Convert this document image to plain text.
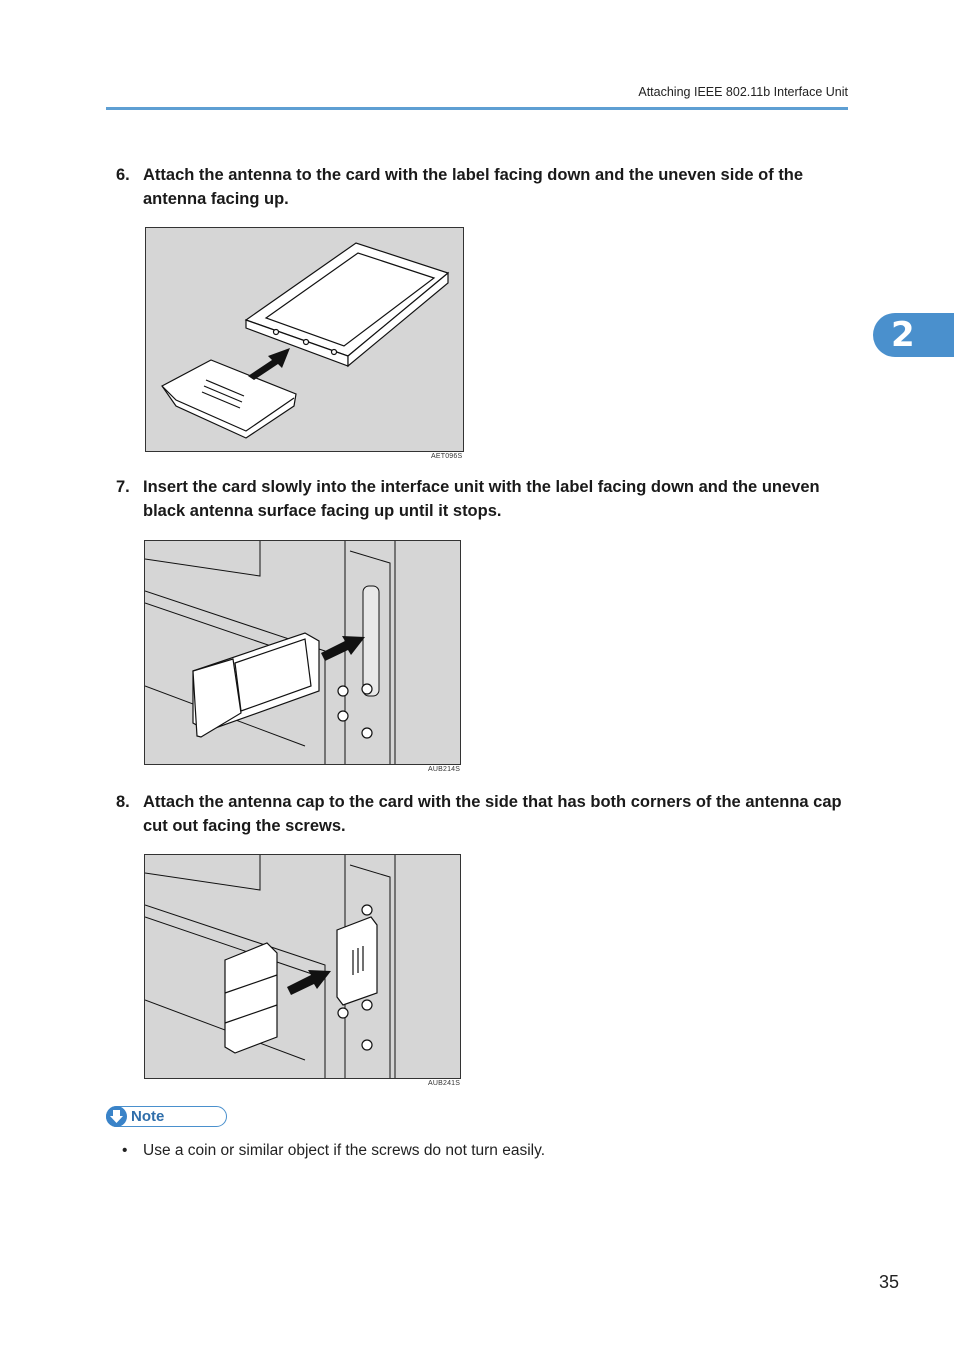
Attaching IEEE 802.11b Interface Unit
2
6. Attach the antenna to the card with the label facing down and the uneven side of the antenna facing up.
AET096S
7. Insert the card slowly into the interface unit with the label facing down and the uneven black antenna surface facing up until it stops.
AUB214S
8. Attach the antenna cap to the card with the side that has both corners of the antenna cap cut out facing the screws.
AUB241S
Note
• Use a coin or similar object if the screws do not turn easily.
35
